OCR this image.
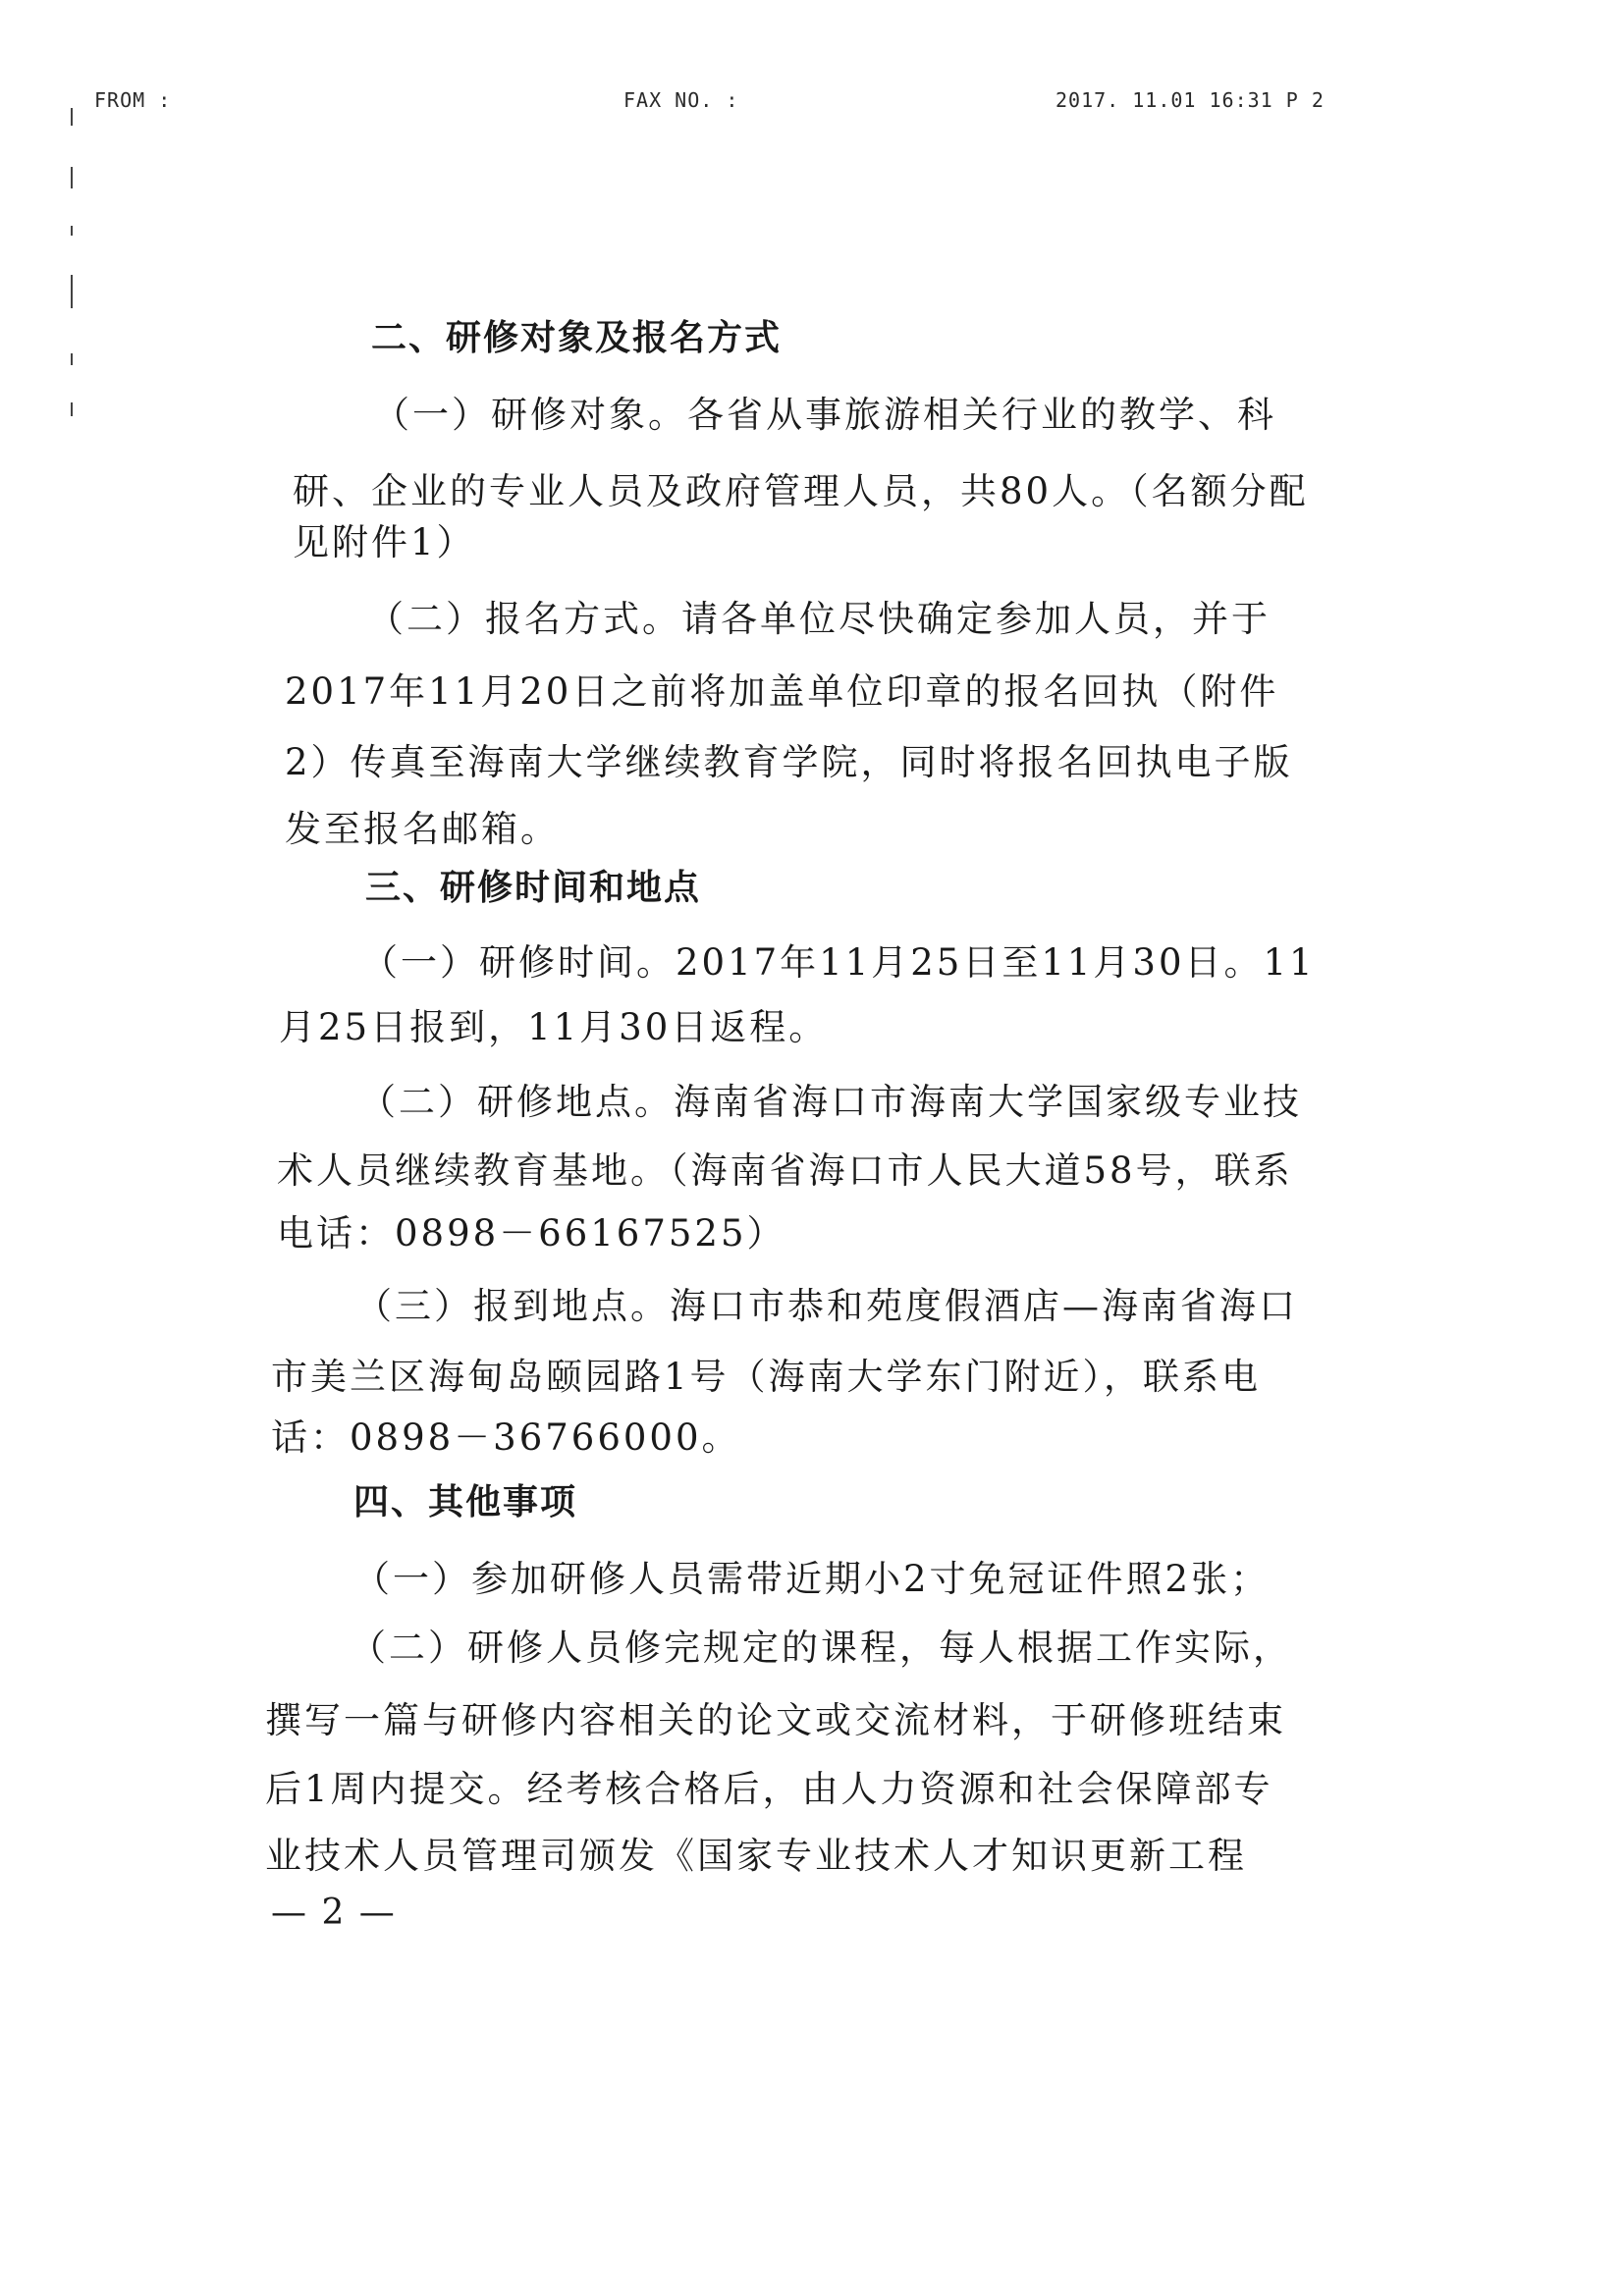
FROM :	FAX NO. :	2017. 11.01 16:31 P 2
二、研修对象及报名方式
（一）研修对象。各省从事旅游相关行业的教学、科
研、企业的专业人员及政府管理人员，共80人。（名额分配
见附件1）
（二）报名方式。请各单位尽快确定参加人员，并于
2017年11月20日之前将加盖单位印章的报名回执（附件
2）传真至海南大学继续教育学院，同时将报名回执电子版
发至报名邮箱。
三、研修时间和地点
（一）研修时间。2017年11月25日至11月30日。11
月25日报到，11月30日返程。
（二）研修地点。海南省海口市海南大学国家级专业技
术人员继续教育基地。（海南省海口市人民大道58号，联系
电话：0898－66167525）
（三）报到地点。海口市恭和苑度假酒店—海南省海口
市美兰区海甸岛颐园路1号（海南大学东门附近），联系电
话：0898－36766000。
四、其他事项
（一）参加研修人员需带近期小2寸免冠证件照2张；
（二）研修人员修完规定的课程，每人根据工作实际，
撰写一篇与研修内容相关的论文或交流材料，于研修班结束
后1周内提交。经考核合格后，由人力资源和社会保障部专
业技术人员管理司颁发《国家专业技术人才知识更新工程
— 2 —
